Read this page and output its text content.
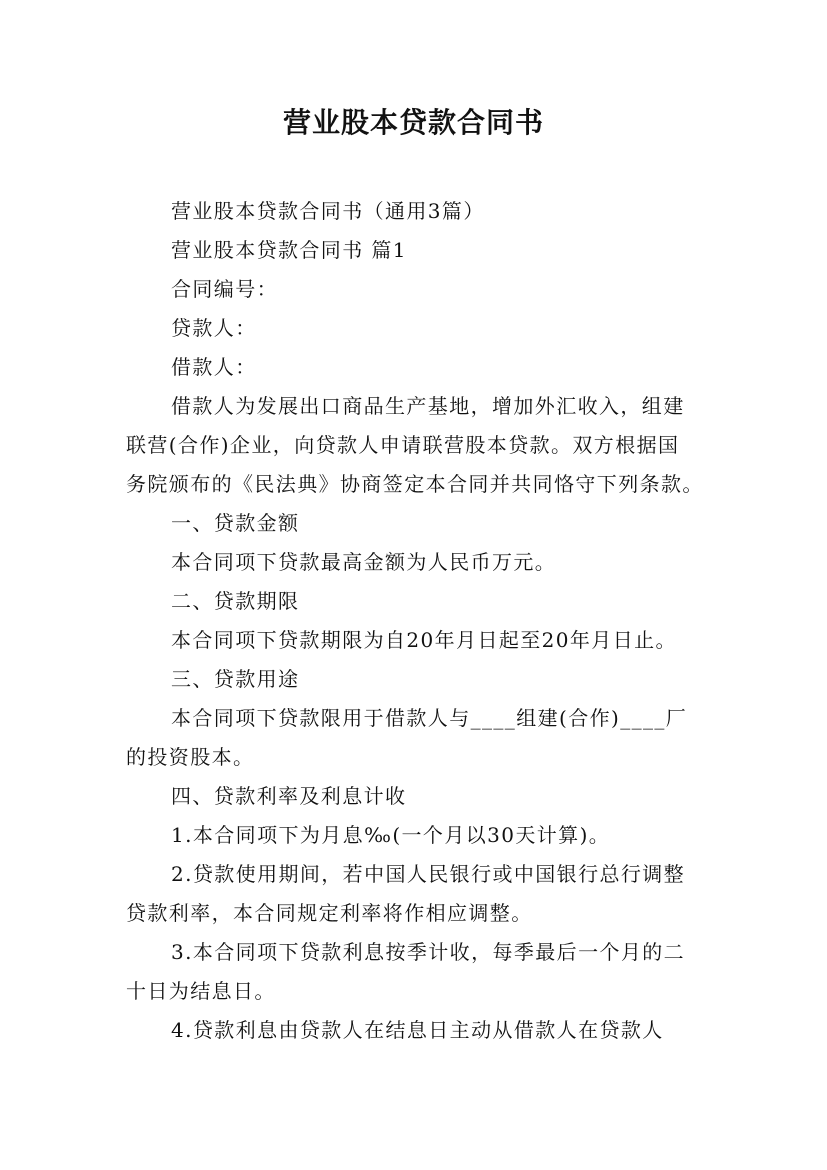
营业股本贷款合同书
营业股本贷款合同书（通用3篇）
营业股本贷款合同书 篇1
合同编号：
贷款人：
借款人：
借款人为发展出口商品生产基地，增加外汇收入，组建
联营(合作)企业，向贷款人申请联营股本贷款。双方根据国
务院颁布的《民法典》协商签定本合同并共同恪守下列条款。
一、贷款金额
本合同项下贷款最高金额为人民币万元。
二、贷款期限
本合同项下贷款期限为自20年月日起至20年月日止。
三、贷款用途
本合同项下贷款限用于借款人与____组建(合作)____厂
的投资股本。
四、贷款利率及利息计收
1.本合同项下为月息‰(一个月以30天计算)。
2.贷款使用期间，若中国人民银行或中国银行总行调整
贷款利率，本合同规定利率将作相应调整。
3.本合同项下贷款利息按季计收，每季最后一个月的二
十日为结息日。
4.贷款利息由贷款人在结息日主动从借款人在贷款人
